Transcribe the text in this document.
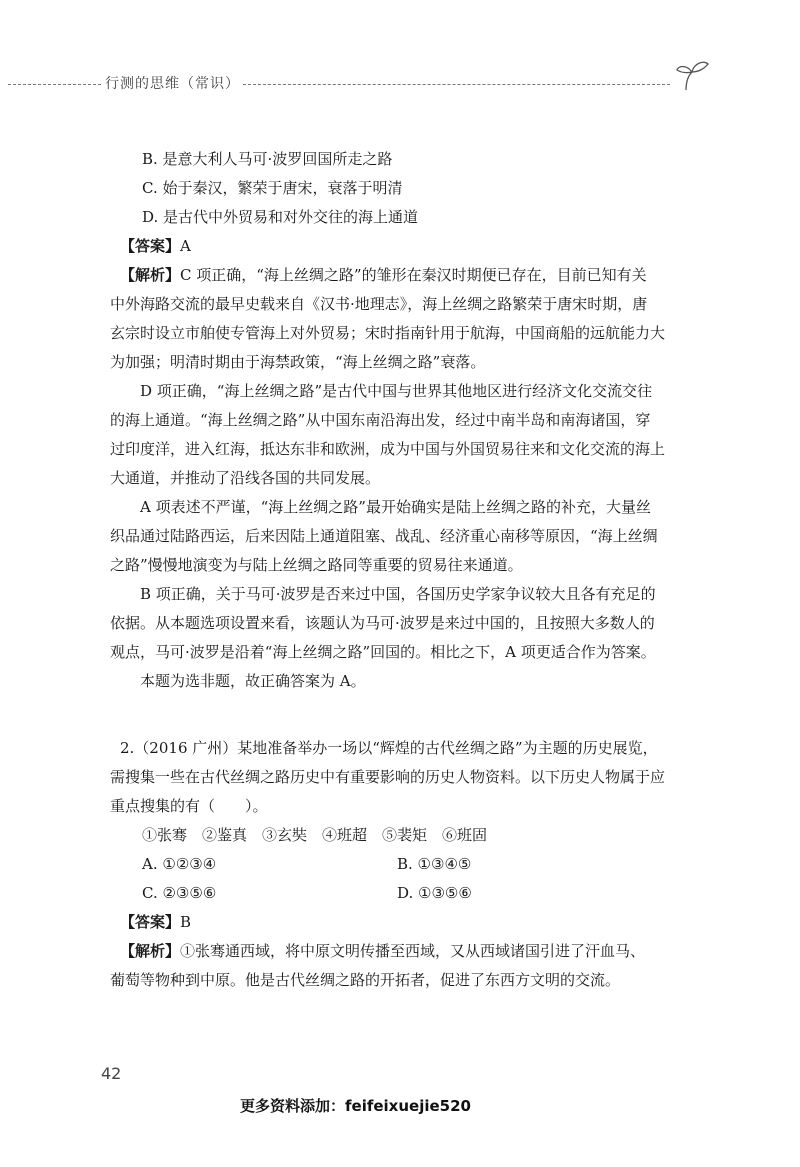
行测的思维（常识）
B. 是意大利人马可·波罗回国所走之路
C. 始于秦汉，繁荣于唐宋，衰落于明清
D. 是古代中外贸易和对外交往的海上通道
【答案】A
【解析】C 项正确，“海上丝绸之路”的雏形在秦汉时期便已存在，目前已知有关
中外海路交流的最早史载来自《汉书·地理志》，海上丝绸之路繁荣于唐宋时期，唐
玄宗时设立市舶使专管海上对外贸易；宋时指南针用于航海，中国商船的远航能力大
为加强；明清时期由于海禁政策，“海上丝绸之路”衰落。
D 项正确，“海上丝绸之路”是古代中国与世界其他地区进行经济文化交流交往
的海上通道。“海上丝绸之路”从中国东南沿海出发，经过中南半岛和南海诸国，穿
过印度洋，进入红海，抵达东非和欧洲，成为中国与外国贸易往来和文化交流的海上
大通道，并推动了沿线各国的共同发展。
A 项表述不严谨，“海上丝绸之路”最开始确实是陆上丝绸之路的补充，大量丝
织品通过陆路西运，后来因陆上通道阻塞、战乱、经济重心南移等原因，“海上丝绸
之路”慢慢地演变为与陆上丝绸之路同等重要的贸易往来通道。
B 项正确，关于马可·波罗是否来过中国，各国历史学家争议较大且各有充足的
依据。从本题选项设置来看，该题认为马可·波罗是来过中国的，且按照大多数人的
观点，马可·波罗是沿着“海上丝绸之路”回国的。相比之下，A 项更适合作为答案。
本题为选非题，故正确答案为 A。
2.（2016 广州）某地准备举办一场以“辉煌的古代丝绸之路”为主题的历史展览，
需搜集一些在古代丝绸之路历史中有重要影响的历史人物资料。以下历史人物属于应
重点搜集的有（　　）。
①张骞　②鉴真　③玄奘　④班超　⑤裴矩　⑥班固
A. ①②③④	B. ①③④⑤
C. ②③⑤⑥	D. ①③⑤⑥
【答案】B
【解析】①张骞通西域，将中原文明传播至西域，又从西域诸国引进了汗血马、
葡萄等物种到中原。他是古代丝绸之路的开拓者，促进了东西方文明的交流。
42
更多资料添加：feifeixuejie520
